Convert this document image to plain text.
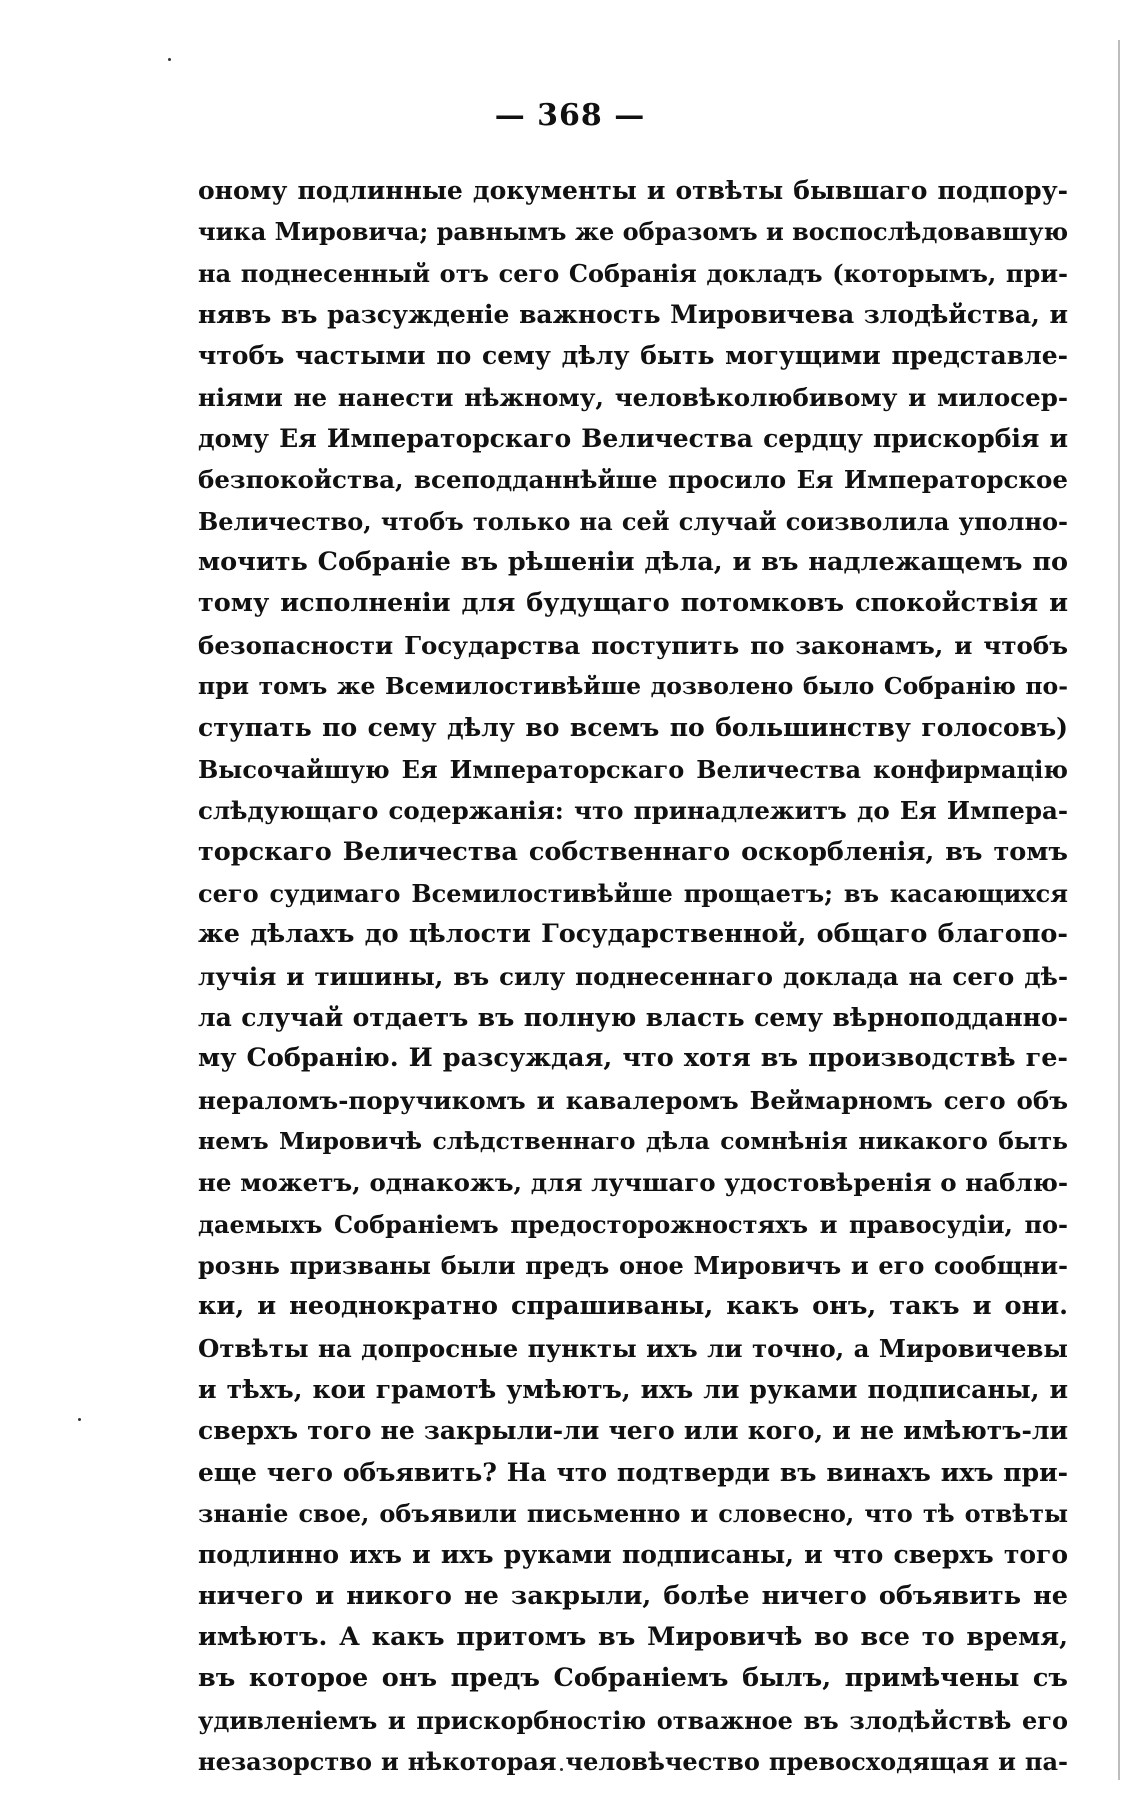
— 368 —
оному подлинные документы и отвѣты бывшаго подпору-
чика Мировича; равнымъ же образомъ и воспослѣдовавшую
на поднесенный отъ сего Собранія докладъ (которымъ, при-
нявъ въ разсужденіе важность Мировичева злодѣйства, и
чтобъ частыми по сему дѣлу быть могущими представле-
ніями не нанести нѣжному, человѣколюбивому и милосер-
дому Ея Императорскаго Величества сердцу прискорбія и
безпокойства, всеподданнѣйше просило Ея Императорское
Величество, чтобъ только на сей случай соизволила уполно-
мочить Собраніе въ рѣшеніи дѣла, и въ надлежащемъ по
тому исполненіи для будущаго потомковъ спокойствія и
безопасности Государства поступить по законамъ, и чтобъ
при томъ же Всемилостивѣйше дозволено было Собранію по-
ступать по сему дѣлу во всемъ по большинству голосовъ)
Высочайшую Ея Императорскаго Величества конфирмацію
слѣдующаго содержанія: что принадлежитъ до Ея Импера-
торскаго Величества собственнаго оскорбленія, въ томъ
сего судимаго Всемилостивѣйше прощаетъ; въ касающихся
же дѣлахъ до цѣлости Государственной, общаго благопо-
лучія и тишины, въ силу поднесеннаго доклада на сего дѣ-
ла случай отдаетъ въ полную власть сему вѣрноподданно-
му Собранію. И разсуждая, что хотя въ производствѣ ге-
нераломъ-поручикомъ и кавалеромъ Веймарномъ сего объ
немъ Мировичѣ слѣдственнаго дѣла сомнѣнія никакого быть
не можетъ, однакожъ, для лучшаго удостовѣренія о наблю-
даемыхъ Собраніемъ предосторожностяхъ и правосудіи, по-
рознь призваны были предъ оное Мировичъ и его сообщни-
ки, и неоднократно спрашиваны, какъ онъ, такъ и они.
Отвѣты на допросные пункты ихъ ли точно, а Мировичевы
и тѣхъ, кои грамотѣ умѣютъ, ихъ ли руками подписаны, и
сверхъ того не закрыли-ли чего или кого, и не имѣютъ-ли
еще чего объявить? На что подтверди въ винахъ ихъ при-
знаніе свое, объявили письменно и словесно, что тѣ отвѣты
подлинно ихъ и ихъ руками подписаны, и что сверхъ того
ничего и никого не закрыли, болѣе ничего объявить не
имѣютъ. А какъ притомъ въ Мировичѣ во все то время,
въ которое онъ предъ Собраніемъ былъ, примѣчены съ
удивленіемъ и прискорбностію отважное въ злодѣйствѣ его
незазорство и нѣкоторая человѣчество превосходящая и па-
